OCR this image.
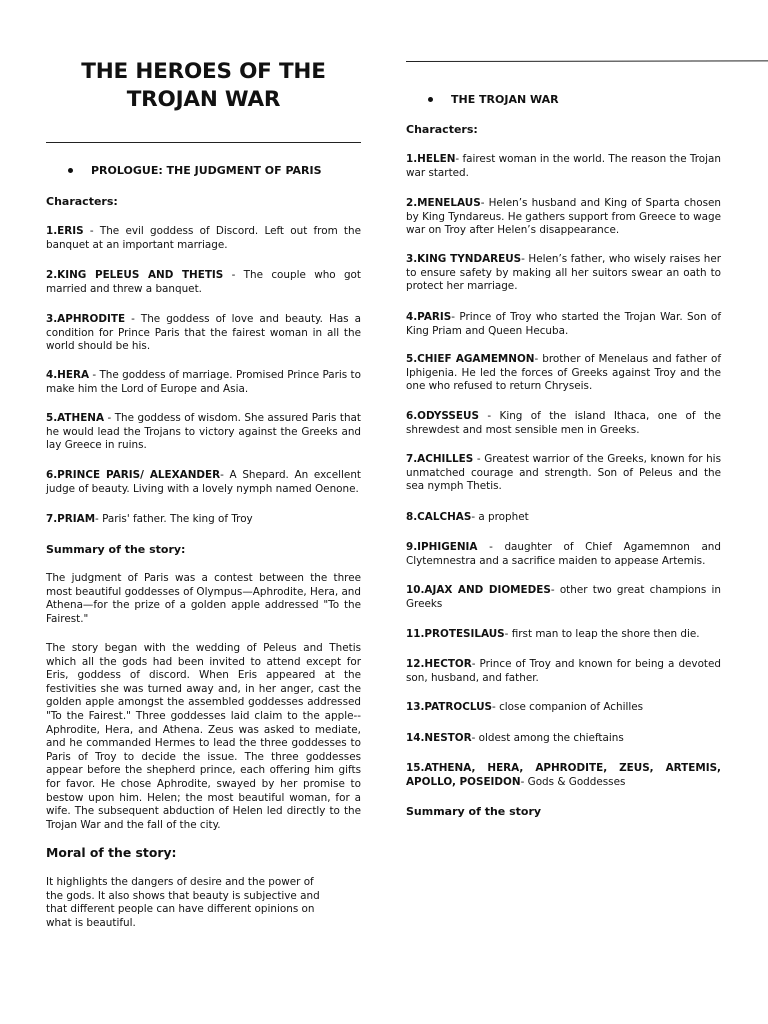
THE HEROES OF THE
TROJAN WAR
PROLOGUE: THE JUDGMENT OF PARIS
Characters:

1.ERIS - The evil goddess of Discord. Left out from the banquet at an important marriage.

2.KING PELEUS AND THETIS - The couple who got married and threw a banquet.

3.APHRODITE - The goddess of love and beauty. Has a condition for Prince Paris that the fairest woman in all the world should be his.

4.HERA - The goddess of marriage. Promised Prince Paris to make him the Lord of Europe and Asia.

5.ATHENA - The goddess of wisdom. She assured Paris that he would lead the Trojans to victory against the Greeks and lay Greece in ruins.

6.PRINCE PARIS/ ALEXANDER- A Shepard. An excellent judge of beauty. Living with a lovely nymph named Oenone.

7.PRIAM- Paris' father. The king of Troy

Summary of the story:

The judgment of Paris was a contest between the three most beautiful goddesses of Olympus—Aphrodite, Hera, and Athena—for the prize of a golden apple addressed "To the Fairest."

The story began with the wedding of Peleus and Thetis which all the gods had been invited to attend except for Eris, goddess of discord. When Eris appeared at the festivities she was turned away and, in her anger, cast the golden apple amongst the assembled goddesses addressed "To the Fairest." Three goddesses laid claim to the apple--Aphrodite, Hera, and Athena. Zeus was asked to mediate, and he commanded Hermes to lead the three goddesses to Paris of Troy to decide the issue. The three goddesses appear before the shepherd prince, each offering him gifts for favor. He chose Aphrodite, swayed by her promise to bestow upon him. Helen; the most beautiful woman, for a wife. The subsequent abduction of Helen led directly to the Trojan War and the fall of the city.

Moral of the story:

It highlights the dangers of desire and the power of the gods. It also shows that beauty is subjective and that different people can have different opinions on what is beautiful.

THE TROJAN WAR
Characters:

1.HELEN- fairest woman in the world. The reason the Trojan war started.

2.MENELAUS- Helen’s husband and King of Sparta chosen by King Tyndareus. He gathers support from Greece to wage war on Troy after Helen’s disappearance.

3.KING TYNDAREUS- Helen’s father, who wisely raises her to ensure safety by making all her suitors swear an oath to protect her marriage.

4.PARIS- Prince of Troy who started the Trojan War. Son of King Priam and Queen Hecuba.

5.CHIEF AGAMEMNON- brother of Menelaus and father of Iphigenia. He led the forces of Greeks against Troy and the one who refused to return Chryseis.

6.ODYSSEUS - King of the island Ithaca, one of the shrewdest and most sensible men in Greeks.

7.ACHILLES - Greatest warrior of the Greeks, known for his unmatched courage and strength. Son of Peleus and the sea nymph Thetis.

8.CALCHAS- a prophet

9.IPHIGENIA - daughter of Chief Agamemnon and Clytemnestra and a sacrifice maiden to appease Artemis.

10.AJAX AND DIOMEDES- other two great champions in Greeks

11.PROTESILAUS- first man to leap the shore then die.

12.HECTOR- Prince of Troy and known for being a devoted son, husband, and father.

13.PATROCLUS- close companion of Achilles

14.NESTOR- oldest among the chieftains

15.ATHENA, HERA, APHRODITE, ZEUS, ARTEMIS, APOLLO, POSEIDON- Gods & Goddesses

Summary of the story
